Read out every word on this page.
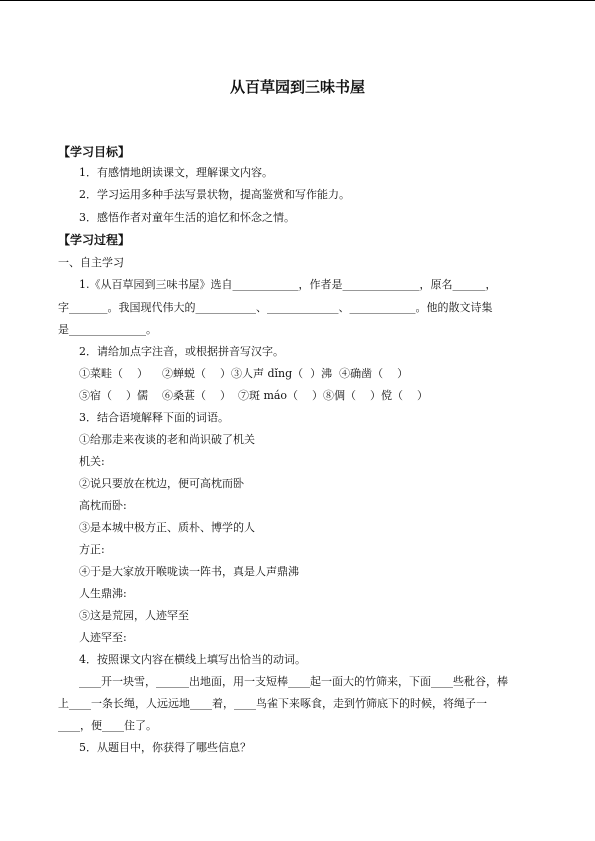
从百草园到三味书屋
【学习目标】
1．有感情地朗读课文，理解课文内容。
2．学习运用多种手法写景状物，提高鉴赏和写作能力。
3．感悟作者对童年生活的追忆和怀念之情。
【学习过程】
一、自主学习
1.《从百草园到三味书屋》选自____________，作者是______________，原名______，
字_______。我国现代伟大的___________、_____________、____________。他的散文诗集
是______________。
2．请给加点字注音，或根据拼音写汉字。
①菜畦（    ）    ②蝉蜕（    ）③人声 dǐng（  ）沸  ④确凿（    ）
⑤宿（    ）儒    ⑥桑葚（    ）  ⑦斑 máo（    ）⑧倜（    ）傥（    ）
3．结合语境解释下面的词语。
①给那走来夜谈的老和尚识破了机关
机关:
②说只要放在枕边，便可高枕而卧
高枕而卧:
③是本城中极方正、质朴、博学的人
方正:
④于是大家放开喉咙读一阵书，真是人声鼎沸
人生鼎沸:
⑤这是荒园，人迹罕至
人迹罕至:
4．按照课文内容在横线上填写出恰当的动词。
____开一块雪，______出地面，用一支短棒____起一面大的竹筛来，下面____些秕谷，棒
上____一条长绳，人远远地____着，____鸟雀下来啄食，走到竹筛底下的时候，将绳子一
____，便____住了。
5．从题目中，你获得了哪些信息？
